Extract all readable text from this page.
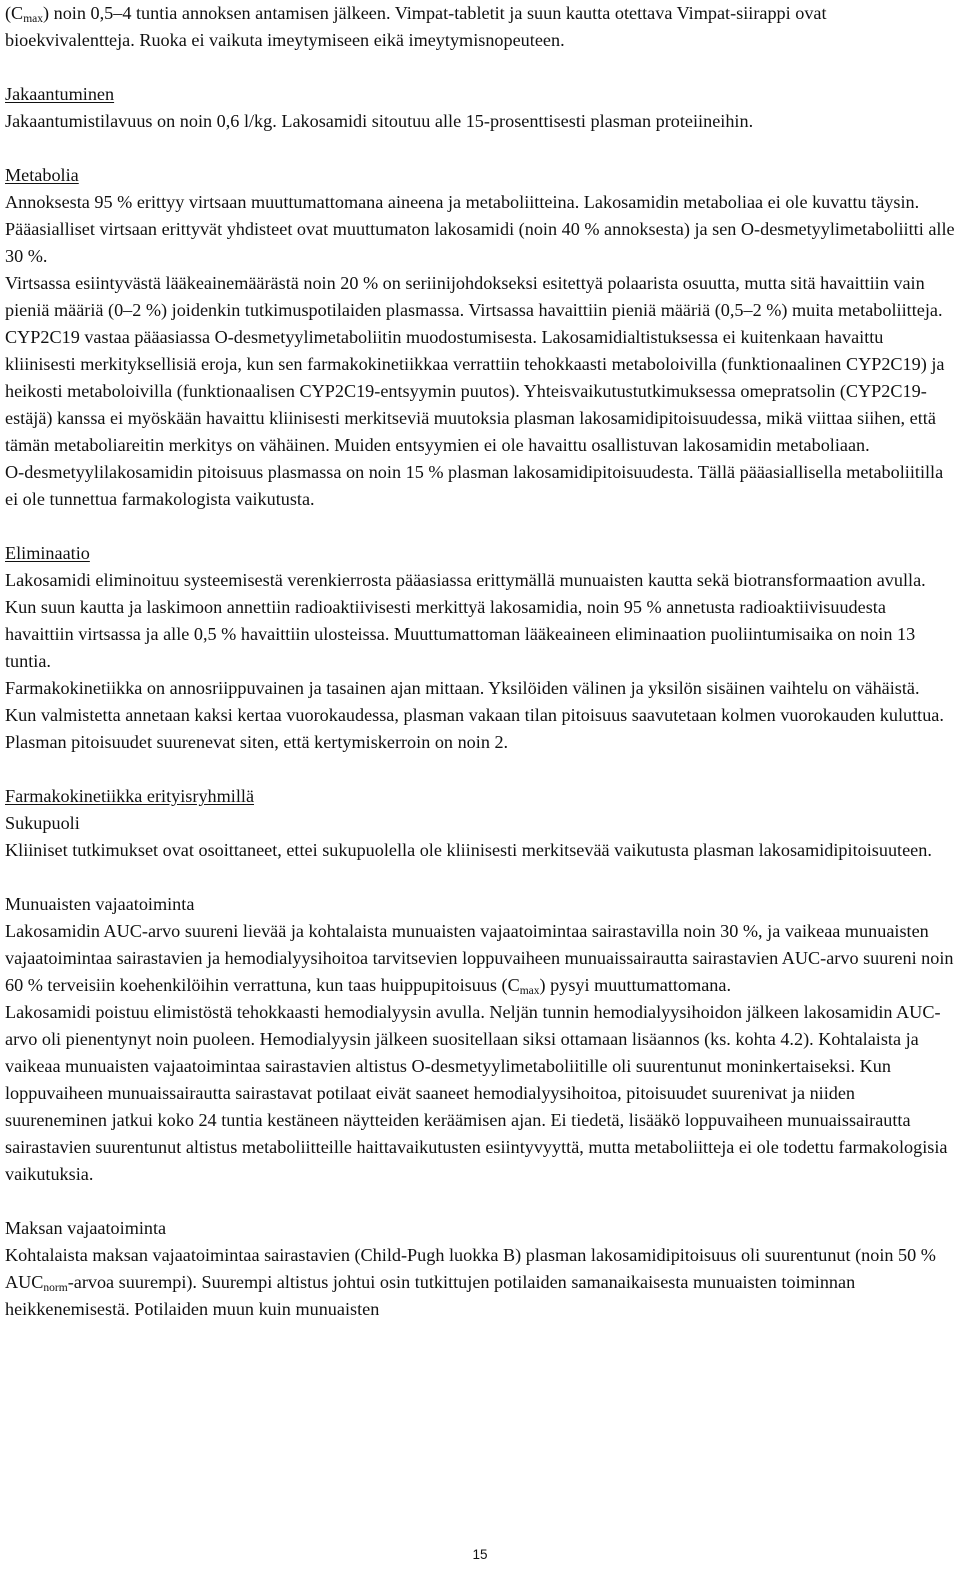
$(C_{max})$ noin 0,5–4 tuntia annoksen antamisen jälkeen. Vimpat-tabletit ja suun kautta otettava Vimpat-siirappi ovat bioekvivalentteja. Ruoka ei vaikuta imeytymiseen eikä imeytymisnopeuteen.

Jakaantuminen

Jakaantumistilavuus on noin 0,6 l/kg. Lakosamidi sitoutuu alle 15-prosenttisesti plasman proteiineihin.

Metabolia

Annoksesta 95 % erittyy virtsaan muuttumattomana aineena ja metaboliitteina. Lakosamidin metaboliaa ei ole kuvattu täysin. Pääasialliset virtsaan erittyvät yhdisteet ovat muuttumaton lakosamidi (noin 40 % annoksesta) ja sen O-desmetyylimetaboliitti alle 30 %.

Virtsassa esiintyvästä lääkeainemäärästä noin 20 % on seriinijohdokseksi esitettyä polaarista osuutta, mutta sitä havaittiin vain pieniä määriä (0–2 %) joidenkin tutkimuspotilaiden plasmassa. Virtsassa havaittiin pieniä määriä (0,5–2 %) muita metaboliitteja.

CYP2C19 vastaa pääasiassa O-desmetyylimetaboliitin muodostumisesta. Lakosamidialtistuksessa ei kuitenkaan havaittu kliinisesti merkityksellisiä eroja, kun sen farmakokinetiikkaa verrattiin tehokkaasti metaboloivilla (funktionaalinen CYP2C19) ja heikosti metaboloivilla (funktionaalisen CYP2C19-entsyymin puutos). Yhteisvaikutustutkimuksessa omepratsolin (CYP2C19-estäjä) kanssa ei myöskään havaittu kliinisesti merkitseviä muutoksia plasman lakosamidipitoisuudessa, mikä viittaa siihen, että tämän metaboliareitin merkitys on vähäinen. Muiden entsyymien ei ole havaittu osallistuvan lakosamidin metaboliaan.

O-desmetyylilakosamidin pitoisuus plasmassa on noin 15 % plasman lakosamidipitoisuudesta. Tällä pääasiallisella metaboliitilla ei ole tunnettua farmakologista vaikutusta.

Eliminaatio

Lakosamidi eliminoituu systeemisestä verenkierrosta pääasiassa erittymällä munuaisten kautta sekä biotransformaation avulla. Kun suun kautta ja laskimoon annettiin radioaktiivisesti merkittyä lakosamidia, noin 95 % annetusta radioaktiivisuudesta havaittiin virtsassa ja alle 0,5 % havaittiin ulosteissa. Muuttumattoman lääkeaineen eliminaation puoliintumisaika on noin 13 tuntia.

Farmakokinetiikka on annosriippuvainen ja tasainen ajan mittaan. Yksilöiden välinen ja yksilön sisäinen vaihtelu on vähäistä. Kun valmistetta annetaan kaksi kertaa vuorokaudessa, plasman vakaan tilan pitoisuus saavutetaan kolmen vuorokauden kuluttua. Plasman pitoisuudet suurenevat siten, että kertymiskerroin on noin 2.

Farmakokinetiikka erityisryhmillä

Sukupuoli

Kliiniset tutkimukset ovat osoittaneet, ettei sukupuolella ole kliinisesti merkitsevää vaikutusta plasman lakosamidipitoisuuteen.

Munuaisten vajaatoiminta

Lakosamidin AUC-arvo suureni lievää ja kohtalaista munuaisten vajaatoimintaa sairastavilla noin 30 %, ja vaikeaa munuaisten vajaatoimintaa sairastavien ja hemodialyysihoitoa tarvitsevien loppuvaiheen munuaissairautta sairastavien AUC-arvo suureni noin 60 % terveisiin koehenkilöihin verrattuna, kun taas huippupitoisuus $(C_{max})$ pysyi muuttumattomana.

Lakosamidi poistuu elimistöstä tehokkaasti hemodialyysin avulla. Neljän tunnin hemodialyysihoidon jälkeen lakosamidin AUC-arvo oli pienentynyt noin puoleen. Hemodialyysin jälkeen suositellaan siksi ottamaan lisäannos (ks. kohta 4.2). Kohtalaista ja vaikeaa munuaisten vajaatoimintaa sairastavien altistus O-desmetyylimetaboliitille oli suurentunut moninkertaiseksi. Kun loppuvaiheen munuaissairautta sairastavat potilaat eivät saaneet hemodialyysihoitoa, pitoisuudet suurenivat ja niiden suureneminen jatkui koko 24 tuntia kestäneen näytteiden keräämisen ajan. Ei tiedetä, lisääkö loppuvaiheen munuaissairautta sairastavien suurentunut altistus metaboliitteille haittavaikutusten esiintyvyyttä, mutta metaboliitteja ei ole todettu farmakologisia vaikutuksia.

Maksan vajaatoiminta

Kohtalaista maksan vajaatoimintaa sairastavien (Child-Pugh luokka B) plasman lakosamidipitoisuus oli suurentunut (noin 50 % $AUC_{norm}$-arvoa suurempi). Suurempi altistus johtui osin tutkittujen potilaiden samanaikaisesta munuaisten toiminnan heikkenemisestä. Potilaiden muun kuin munuaisten

15
